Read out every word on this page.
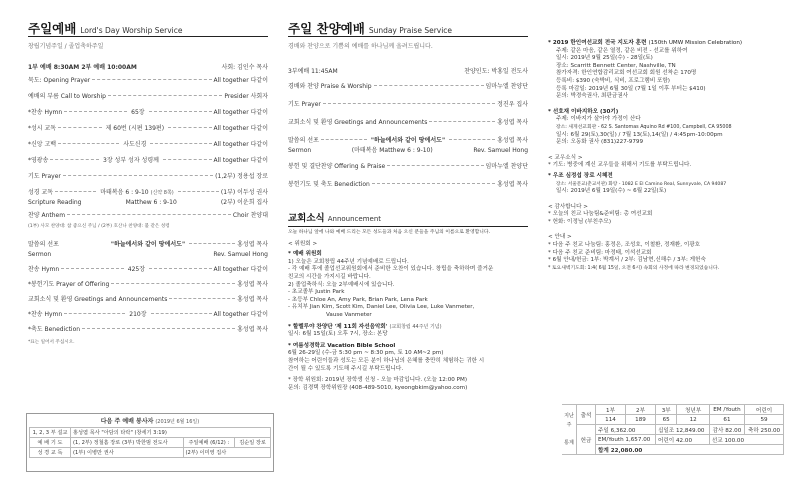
주일예배 Lord's Day Worship Service
창립기념주일 / 졸업축하주일
1부 예배 8:30AM 2부 예배 10:00AM	사회: 김인수 목사
묵도: Opening Prayer	All together 다같이
예배의 부름 Call to Worship	Presider 사회자
*찬송 Hymn	65장	All together 다같이
*성시 교독	제 60번 (시편 139편)	All together 다같이
*신앙 고백	사도신경	All together 다같이
*영광송	3장 성부 성자 성령께	All together 다같이
기도 Prayer	(1,2부) 정용섭 장로
성경 교독	마태복음 6 : 9-10 (신약 8쪽)	(1부) 이두성 권사
Scripture Reading	Matthew 6 : 9-10	(2부) 이운희 집사
찬양 Anthem	Choir 찬양대
(1부) 사모 찬양대: 참 좋으신 주님 / (2부) 호산나 찬양대: 불 같은 성령
말씀의 선포	"하늘에서와 같이 땅에서도"	홍성엽 목사
Sermon	Rev. Samuel Hong
찬송 Hymn	425장	All together 다같이
*봉헌기도 Prayer of Offering	홍성엽 목사
교회소식 및 환영 Greetings and Announcements	홍성엽 목사
*찬송 Hymn	210장	All together 다같이
*축도 Benediction	홍성엽 목사
*표는 일어서 주십시오.
다음 주 예배 봉사자 (2019년 6월 16일)
1, 2, 3 부 설교	홍성엽 목사 "아담의 타락" (창세기 3:19)		
예 배 기 도	(1, 2부) 정철흠 장로 (3부) 박한범 전도사	주일예배 (6/12) :	김순일 장로
성 경 교 독	(1부) 이병만 권사	(2부) 이미영 집사	
주일 찬양예배 Sunday Praise Service
경배와 찬양으로 기쁨의 예배를 하나님께 올려드립니다.
3부예배 11:45AM	찬양인도: 박홍일 전도사
경배와 찬양 Praise & Worship	임마누엘 찬양단
기도 Prayer	정진우 집사
교회소식 및 환영 Greetings and Announcements	홍성엽 목사
말씀의 선포	"하늘에서와 같이 땅에서도"	홍성엽 목사
Sermon	(마태복음 Matthew 6 : 9-10)	Rev. Samuel Hong
봉헌 및 결단찬양 Offering & Praise	임마누엘 찬양단
봉헌기도 및 축도 Benediction	홍성엽 목사
교회소식 Announcement
오늘 하나님 앞에 나와 예배 드리는 모든 성도들과 처음 오신 분들을 주님의 이름으로 환영합니다.
< 위원회 >
* 예배 위원회
1) 오늘은 교회창립 44주년 기념예배로 드립니다.
- 각 예배 후에 졸업선교위원회에서 준비한 오찬이 있습니다. 창립을 축하하며 즐거운
친교의 시간을 가지시길 바랍니다.
2) 졸업축하식: 오늘 2부예배시에 있습니다.
- 초교졸부 Justin Park
- 초등부 Chloe An, Amy Park, Brian Park, Lena Park
- 유치부 Jian Kim, Scott Kim, Daniel Lee, Olivia Lee, Luke Vanmeter,
Vause Vanmeter
* 할렐루야 찬양단 '제 11회 자선음악회' (교회창립 44주년 기념)
일시: 6월 15일(토) 오후 7시, 장소: 본당
* 여름성경학교 Vacation Bible School
6월 26-29일 (수-금 5:30 pm ~ 8:30 pm, 토 10 AM~2 pm)
참여하는 어린이들과 성도는 모든 분이 하나님의 은혜를 충만히 체험하는 귀한 시
간이 될 수 있도록 기도해 주시길 부탁드립니다.
* 장학 위원회: 2019년 장학생 신청 - 오늘 마감입니다. (오늘 12:00 PM)
문의: 김경택 장학위원장 (408-489-5010, kyeongbkim@yahoo.com)
* 2019 한인여선교회 전국 지도자 훈련 (150th UMW Mission Celebration)
주제: 같은 마음, 같은 열정, 같은 비전 - 선교를 위하여
일시: 2019년 9월 25일(수) - 28일(토)
장소: Scarritt Bennett Center, Nashville, TN
참가자격: 한인연합감리교회 여선교회 회원 선착순 170명
등록비: $390 (숙박비, 식비, 프로그램비 포함)
등록 마감일: 2019년 6월 30일 (7월 1일 이후 부터는 $410)
문의: 박경숙권사, 최판금권사
* 선호재 이바지하오 (30기)
주제: 이바지가 살아야 가정이 산다
장소: 새게선교회관 - 62 S. Santomas Aquino Rd #100, Campbell, CA 95008
일시: 6월 29(토),30(일) / 7월 13(토),14(일) / 4:45pm-10:00pm
문의: 오동화 권사 (831)227-9799
< 교우소식 >
* 기도: 병중에 계신 교우들을 위해서 기도를 부탁드립니다.
* 우조 심정섭 장로 시혜전
장소: 서울문교(춘교서관) 화랑 - 1082 E El Camino Real, Sunnyvale, CA 94087
일시: 2019년 6월 19일(수) ~ 6월 22일(토)
< 감사합니다 >
* 오늘의 친교 나눔팀&준비팀: 총 여선교회
* 헌화: 이정님 (부친추모)
< 안내 >
* 다음 주 친교 나눔팀: 홍정은, 조성호, 이철환, 정재환, 이광호
* 다음 주 친교 준비팀: 마정태, 이석선교회
* 6월 안내/헌금: 1부: 박계서 / 2부: 김남현,신해수 / 3부: 게헌숙
* 토요새벽기도회: 1:4( 6월 15일, 오전 6시) 속회의 사정에 따라 변경되었습니다.
지난주

통계	출석	1부	2부	3부	청년부	EM /Youth	어린이
		114	189	65	12	61	59
	헌금	주일 6,362.00		십일조 12,849.00		감사 82.00	축하 250.00
		EM/Youth 1,657.00		어린이 42.00		선교 100.00	
		합계 22,080.00					
